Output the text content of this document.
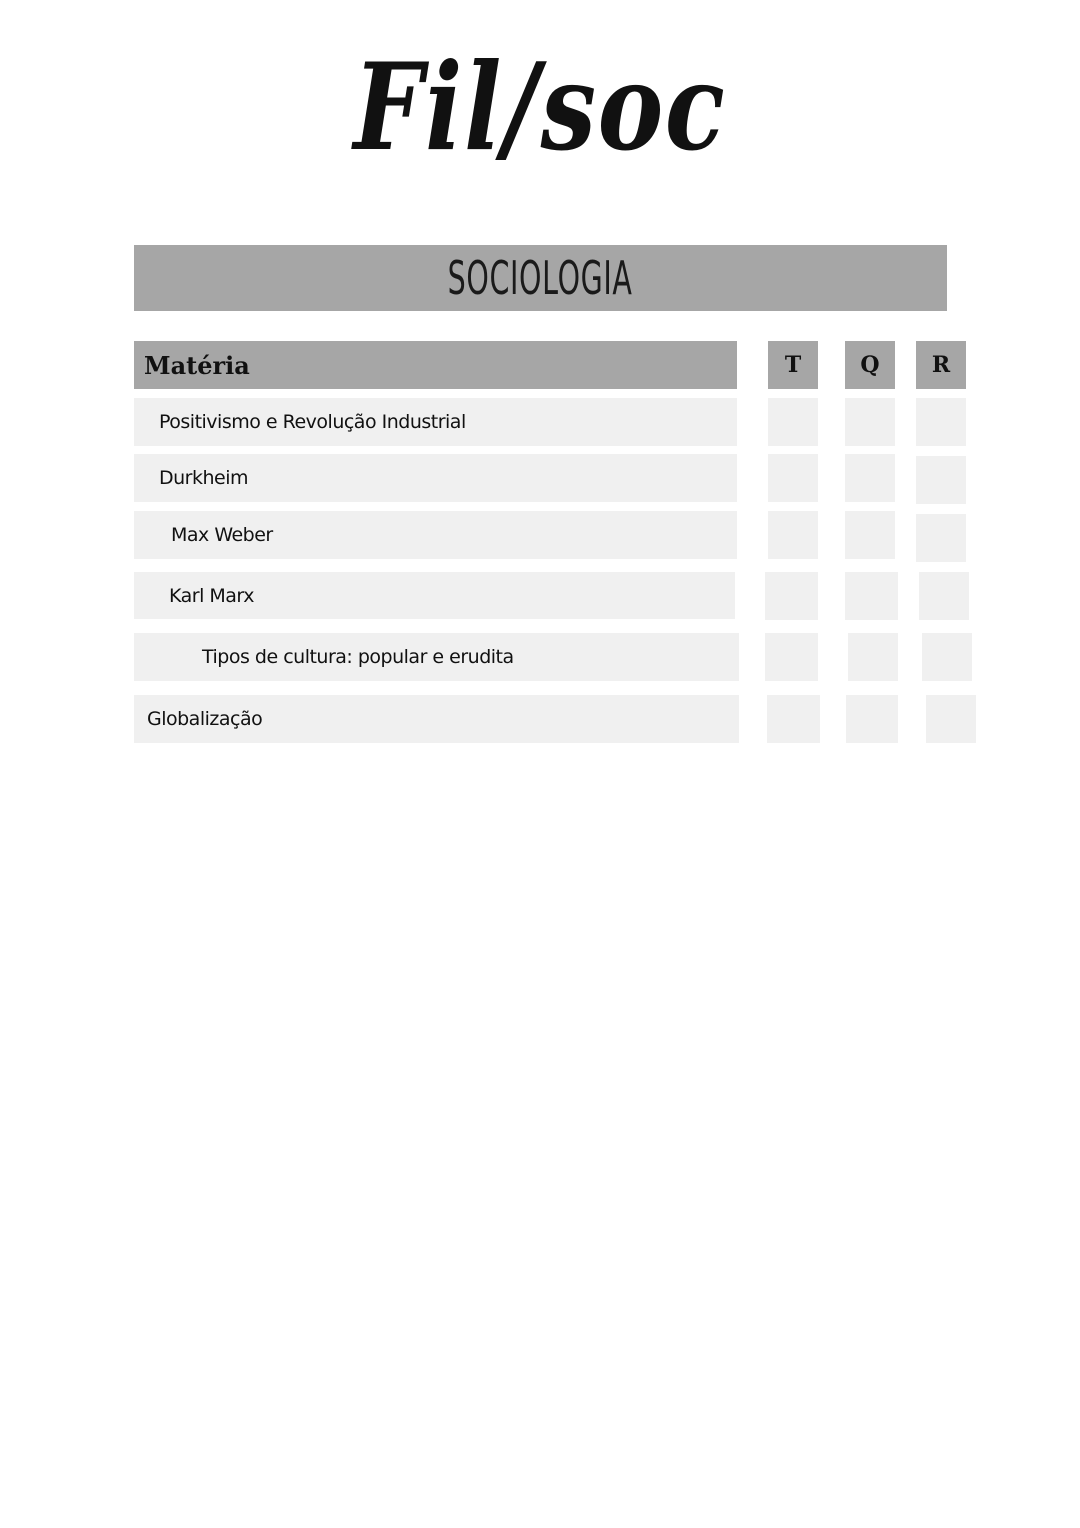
Fil/soc
SOCIOLOGIA
Matéria	T	Q	R
Positivismo e Revolução Industrial
Durkheim
Max Weber
Karl Marx
Tipos de cultura: popular e erudita
Globalização
